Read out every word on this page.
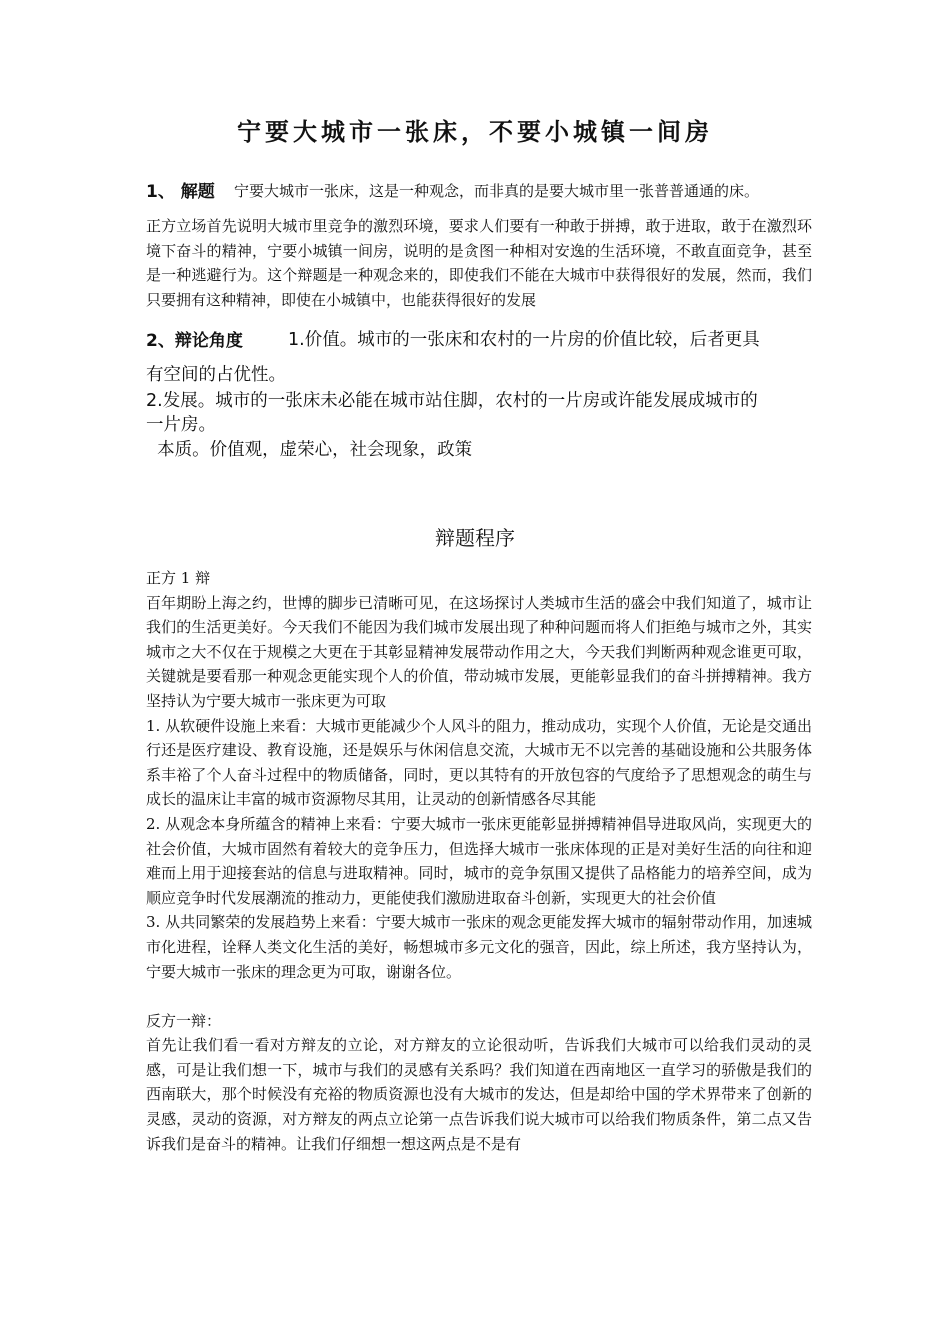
宁要大城市一张床，不要小城镇一间房
1、 解题 宁要大城市一张床，这是一种观念，而非真的是要大城市里一张普普通通的床。
正方立场首先说明大城市里竞争的激烈环境，要求人们要有一种敢于拼搏，敢于进取，敢于在激烈环境下奋斗的精神，宁要小城镇一间房，说明的是贪图一种相对安逸的生活环境，不敢直面竞争，甚至是一种逃避行为。这个辩题是一种观念来的，即使我们不能在大城市中获得很好的发展，然而，我们只要拥有这种精神，即使在小城镇中，也能获得很好的发展
2、辩论角度	1.价值。城市的一张床和农村的一片房的价值比较，后者更具
有空间的占优性。
2.发展。城市的一张床未必能在城市站住脚，农村的一片房或许能发展成城市的
一片房。
本质。价值观，虚荣心，社会现象，政策
辩题程序

正方 1 辩

百年期盼上海之约，世博的脚步已清晰可见，在这场探讨人类城市生活的盛会中我们知道了，城市让我们的生活更美好。今天我们不能因为我们城市发展出现了种种问题而将人们拒绝与城市之外，其实城市之大不仅在于规模之大更在于其彰显精神发展带动作用之大，今天我们判断两种观念谁更可取，关键就是要看那一种观念更能实现个人的价值，带动城市发展，更能彰显我们的奋斗拼搏精神。我方坚持认为宁要大城市一张床更为可取

1. 从软硬件设施上来看：大城市更能减少个人风斗的阻力，推动成功，实现个人价值，无论是交通出行还是医疗建设、教育设施，还是娱乐与休闲信息交流，大城市无不以完善的基础设施和公共服务体系丰裕了个人奋斗过程中的物质储备，同时，更以其特有的开放包容的气度给予了思想观念的萌生与成长的温床让丰富的城市资源物尽其用，让灵动的创新情感各尽其能

2. 从观念本身所蕴含的精神上来看：宁要大城市一张床更能彰显拼搏精神倡导进取风尚，实现更大的社会价值，大城市固然有着较大的竞争压力，但选择大城市一张床体现的正是对美好生活的向往和迎难而上用于迎接套站的信息与进取精神。同时，城市的竞争氛围又提供了品格能力的培养空间，成为顺应竞争时代发展潮流的推动力，更能使我们激励进取奋斗创新，实现更大的社会价值

3. 从共同繁荣的发展趋势上来看：宁要大城市一张床的观念更能发挥大城市的辐射带动作用，加速城市化进程，诠释人类文化生活的美好，畅想城市多元文化的强音，因此，综上所述，我方坚持认为，宁要大城市一张床的理念更为可取，谢谢各位。

反方一辩：

首先让我们看一看对方辩友的立论，对方辩友的立论很动听，告诉我们大城市可以给我们灵动的灵感，可是让我们想一下，城市与我们的灵感有关系吗？我们知道在西南地区一直学习的骄傲是我们的西南联大，那个时候没有充裕的物质资源也没有大城市的发达，但是却给中国的学术界带来了创新的灵感，灵动的资源，对方辩友的两点立论第一点告诉我们说大城市可以给我们物质条件，第二点又告诉我们是奋斗的精神。让我们仔细想一想这两点是不是有
